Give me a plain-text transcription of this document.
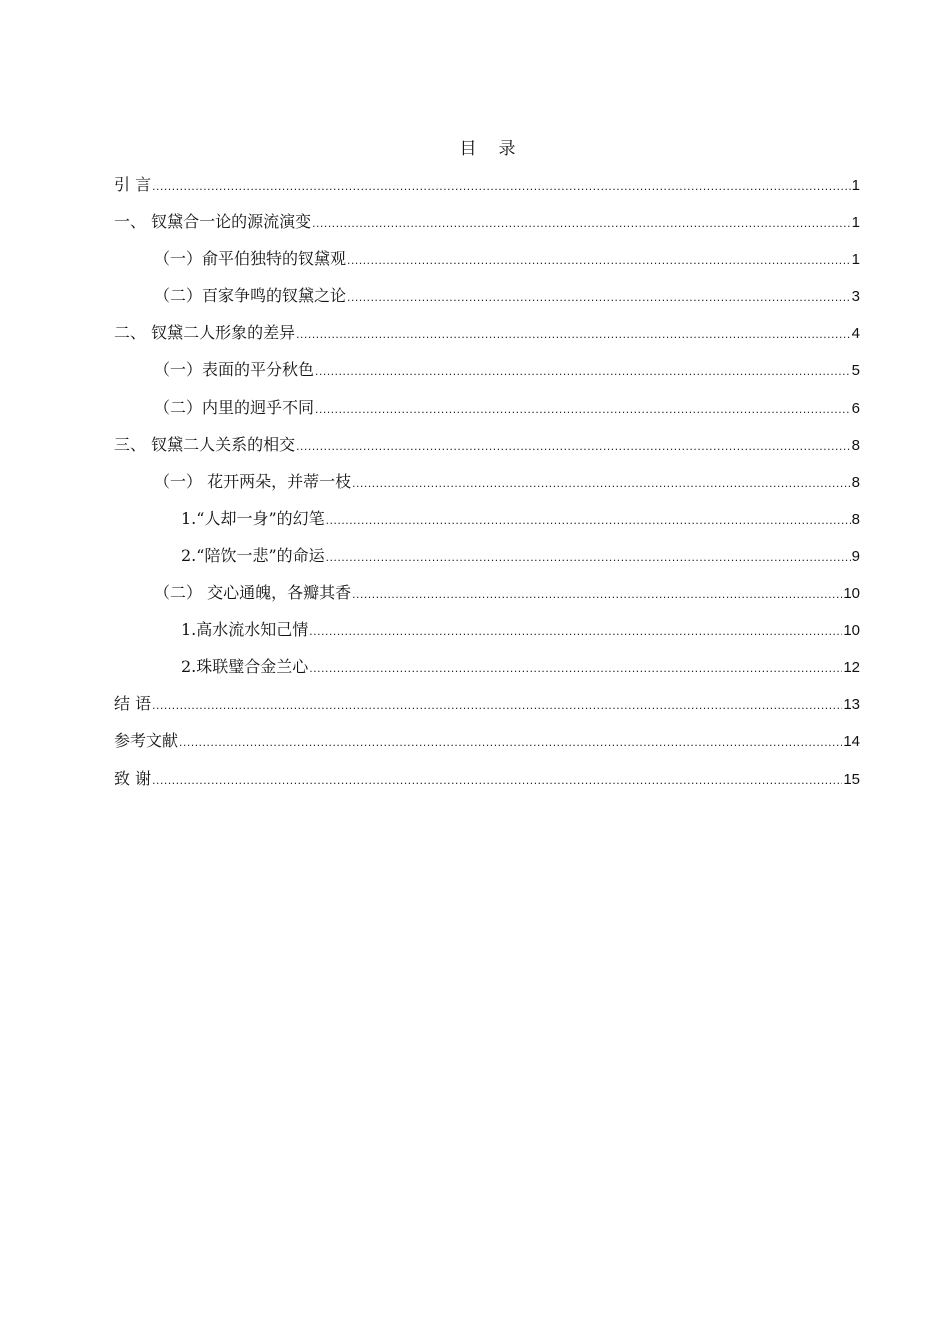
目 录
引 言 .....	1
一、 钗黛合一论的源流演变 .....	1
（一）俞平伯独特的钗黛观 .....	1
（二）百家争鸣的钗黛之论 .....	3
二、 钗黛二人形象的差异 .....	4
（一）表面的平分秋色 .....	5
（二）内里的迥乎不同 .....	6
三、 钗黛二人关系的相交 .....	8
（一） 花开两朵，并蒂一枝 .....	8
1.“人却一身”的幻笔 .....	8
2.“陪饮一悲”的命运 .....	9
（二） 交心通魄，各瓣其香 .....	10
1.高水流水知己情 .....	10
2.珠联璧合金兰心 .....	12
结 语 .....	13
参考文献 .....	14
致 谢 .....	15
